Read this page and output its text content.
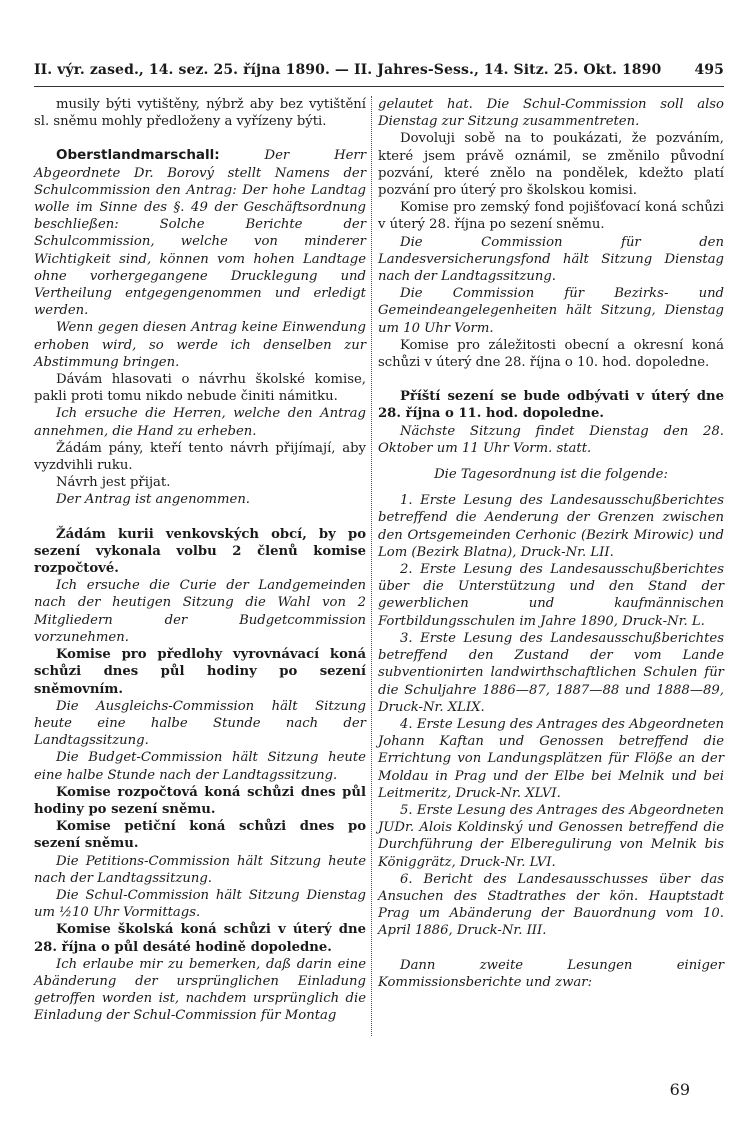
II. výr. zased., 14. sez. 25. října 1890. — II. Jahres-Sess., 14. Sitz. 25. Okt. 1890 495

musily býti vytištěny, nýbrž aby bez vytištění sl. sněmu mohly předloženy a vyřízeny býti.

Oberstlandmarschall: Der Herr Abgeordnete Dr. Borový stellt Namens der Schulcommission den Antrag: Der hohe Landtag wolle im Sinne des §. 49 der Geschäftsordnung beschließen: Solche Berichte der Schulcommission, welche von minderer Wichtigkeit sind, können vom hohen Landtage ohne vorhergegangene Drucklegung und Vertheilung entgegengenommen und erledigt werden.

Wenn gegen diesen Antrag keine Einwendung erhoben wird, so werde ich denselben zur Abstimmung bringen.

Dávám hlasovati o návrhu školské komise, pakli proti tomu nikdo nebude činiti námitku.

Ich ersuche die Herren, welche den Antrag annehmen, die Hand zu erheben.

Žádám pány, kteří tento návrh přijímají, aby vyzdvihli ruku.

Návrh jest přijat.

Der Antrag ist angenommen.

Žádám kurii venkovských obcí, by po sezení vykonala volbu 2 členů komise rozpočtové.

Ich ersuche die Curie der Landgemeinden nach der heutigen Sitzung die Wahl von 2 Mitgliedern der Budgetcommission vorzunehmen.

Komise pro předlohy vyrovnávací koná schůzi dnes půl hodiny po sezení sněmovním.

Die Ausgleichs-Commission hält Sitzung heute eine halbe Stunde nach der Landtagssitzung.

Die Budget-Commission hält Sitzung heute eine halbe Stunde nach der Landtagssitzung.

Komise rozpočtová koná schůzi dnes půl hodiny po sezení sněmu.

Komise petiční koná schůzi dnes po sezení sněmu.

Die Petitions-Commission hält Sitzung heute nach der Landtagssitzung.

Die Schul-Commission hält Sitzung Dienstag um ½10 Uhr Vormittags.

Komise školská koná schůzi v úterý dne 28. října o půl desáté hodině dopoledne.

Ich erlaube mir zu bemerken, daß darin eine Abänderung der ursprünglichen Einladung getroffen worden ist, nachdem ursprünglich die Einladung der Schul-Commission für Montag

gelautet hat. Die Schul-Commission soll also Dienstag zur Sitzung zusammentreten.

Dovoluji sobě na to poukázati, že pozváním, které jsem právě oznámil, se změnilo původní pozvání, které znělo na pondělek, kdežto platí pozvání pro úterý pro školskou komisi.

Komise pro zemský fond pojišťovací koná schůzi v úterý 28. října po sezení sněmu.

Die Commission für den Landesversicherungsfond hält Sitzung Dienstag nach der Landtagssitzung.

Die Commission für Bezirks- und Gemeindeangelegenheiten hält Sitzung, Dienstag um 10 Uhr Vorm.

Komise pro záležitosti obecní a okresní koná schůzi v úterý dne 28. října o 10. hod. dopoledne.

Příští sezení se bude odbývati v úterý dne 28. října o 11. hod. dopoledne.

Nächste Sitzung findet Dienstag den 28. Oktober um 11 Uhr Vorm. statt.

Die Tagesordnung ist die folgende:

1. Erste Lesung des Landesausschußberichtes betreffend die Aenderung der Grenzen zwischen den Ortsgemeinden Cerhonic (Bezirk Mirowic) und Lom (Bezirk Blatna), Druck-Nr. LII.

2. Erste Lesung des Landesausschußberichtes über die Unterstützung und den Stand der gewerblichen und kaufmännischen Fortbildungsschulen im Jahre 1890, Druck-Nr. L.

3. Erste Lesung des Landesausschußberichtes betreffend den Zustand der vom Lande subventionirten landwirthschaftlichen Schulen für die Schuljahre 1886—87, 1887—88 und 1888—89, Druck-Nr. XLIX.

4. Erste Lesung des Antrages des Abgeordneten Johann Kaftan und Genossen betreffend die Errichtung von Landungsplätzen für Flöße an der Moldau in Prag und der Elbe bei Melnik und bei Leitmeritz, Druck-Nr. XLVI.

5. Erste Lesung des Antrages des Abgeordneten JUDr. Alois Koldinský und Genossen betreffend die Durchführung der Elberegulirung von Melnik bis Königgrätz, Druck-Nr. LVI.

6. Bericht des Landesausschusses über das Ansuchen des Stadtrathes der kön. Hauptstadt Prag um Abänderung der Bauordnung vom 10. April 1886, Druck-Nr. III.

Dann zweite Lesungen einiger Kommissionsberichte und zwar:

69
